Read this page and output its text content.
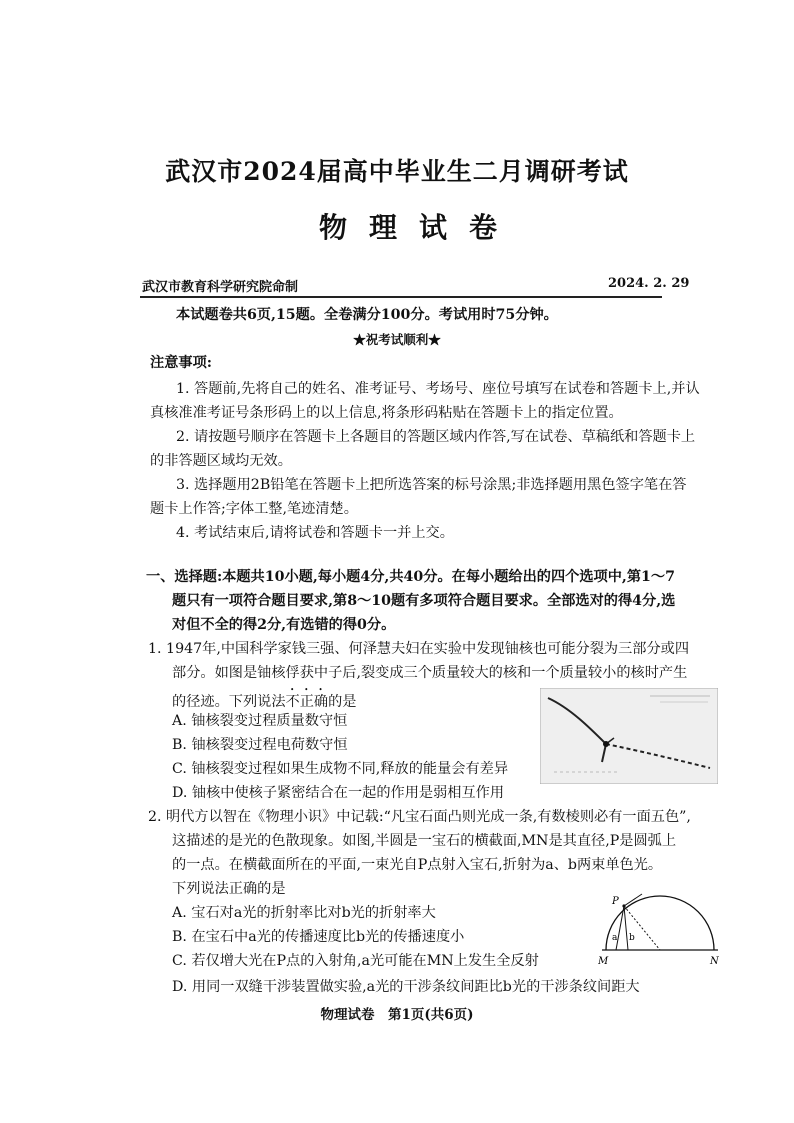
武汉市2024届高中毕业生二月调研考试
物理试卷
武汉市教育科学研究院命制	2024. 2. 29
本试题卷共6页,15题。全卷满分100分。考试用时75分钟。
★祝考试顺利★
注意事项:
1. 答题前,先将自己的姓名、准考证号、考场号、座位号填写在试卷和答题卡上,并认
真核准准考证号条形码上的以上信息,将条形码粘贴在答题卡上的指定位置。
2. 请按题号顺序在答题卡上各题目的答题区域内作答,写在试卷、草稿纸和答题卡上
的非答题区域均无效。
3. 选择题用2B铅笔在答题卡上把所选答案的标号涂黑;非选择题用黑色签字笔在答
题卡上作答;字体工整,笔迹清楚。
4. 考试结束后,请将试卷和答题卡一并上交。
一、选择题:本题共10小题,每小题4分,共40分。在每小题给出的四个选项中,第1～7
题只有一项符合题目要求,第8～10题有多项符合题目要求。全部选对的得4分,选
对但不全的得2分,有选错的得0分。
1. 1947年,中国科学家钱三强、何泽慧夫妇在实验中发现铀核也可能分裂为三部分或四
部分。如图是铀核俘获中子后,裂变成三个质量较大的核和一个质量较小的核时产生
的径迹。下列说法不正确的是
A. 铀核裂变过程质量数守恒
B. 铀核裂变过程电荷数守恒
C. 铀核裂变过程如果生成物不同,释放的能量会有差异
D. 铀核中使核子紧密结合在一起的作用是弱相互作用
2. 明代方以智在《物理小识》中记载:“凡宝石面凸则光成一条,有数棱则必有一面五色”,
这描述的是光的色散现象。如图,半圆是一宝石的横截面,MN是其直径,P是圆弧上
的一点。在横截面所在的平面,一束光自P点射入宝石,折射为a、b两束单色光。
下列说法正确的是
A. 宝石对a光的折射率比对b光的折射率大
B. 在宝石中a光的传播速度比b光的传播速度小
C. 若仅增大光在P点的入射角,a光可能在MN上发生全反射
D. 用同一双缝干涉装置做实验,a光的干涉条纹间距比b光的干涉条纹间距大
P
M	N
a b
物理试卷　第1页(共6页)
